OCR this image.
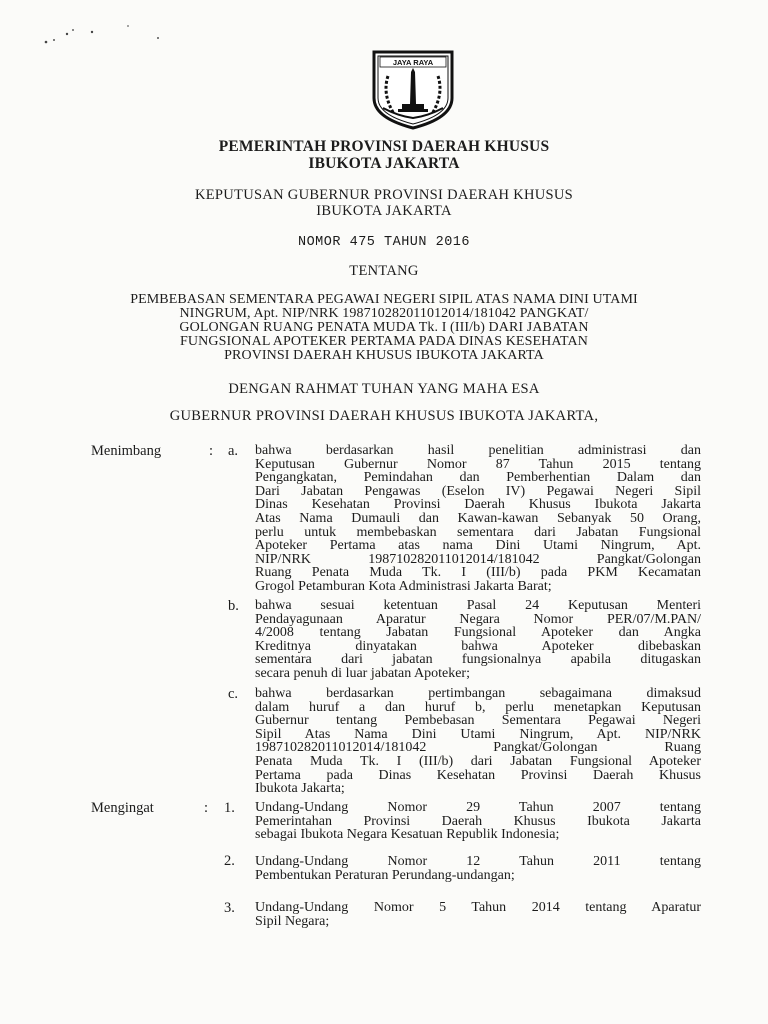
JAYA RAYA
PEMERINTAH PROVINSI DAERAH KHUSUS
IBUKOTA JAKARTA
KEPUTUSAN GUBERNUR PROVINSI DAERAH KHUSUS
IBUKOTA JAKARTA
NOMOR 475 TAHUN 2016
TENTANG
PEMBEBASAN SEMENTARA PEGAWAI NEGERI SIPIL ATAS NAMA DINI UTAMI
NINGRUM, Apt. NIP/NRK 198710282011012014/181042 PANGKAT/
GOLONGAN RUANG PENATA MUDA Tk. I (III/b) DARI JABATAN
FUNGSIONAL APOTEKER PERTAMA PADA DINAS KESEHATAN
PROVINSI DAERAH KHUSUS IBUKOTA JAKARTA
DENGAN RAHMAT TUHAN YANG MAHA ESA
GUBERNUR PROVINSI DAERAH KHUSUS IBUKOTA JAKARTA,
Menimbang	: a. bahwa berdasarkan hasil penelitian administrasi dan
Keputusan Gubernur Nomor 87 Tahun 2015 tentang
Pengangkatan, Pemindahan dan Pemberhentian Dalam dan
Dari Jabatan Pengawas (Eselon IV) Pegawai Negeri Sipil
Dinas Kesehatan Provinsi Daerah Khusus Ibukota Jakarta
Atas Nama Dumauli dan Kawan-kawan Sebanyak 50 Orang,
perlu untuk membebaskan sementara dari Jabatan Fungsional
Apoteker Pertama atas nama Dini Utami Ningrum, Apt.
NIP/NRK 198710282011012014/181042 Pangkat/Golongan
Ruang Penata Muda Tk. I (III/b) pada PKM Kecamatan
Grogol Petamburan Kota Administrasi Jakarta Barat;
b. bahwa sesuai ketentuan Pasal 24 Keputusan Menteri
Pendayagunaan Aparatur Negara Nomor PER/07/M.PAN/
4/2008 tentang Jabatan Fungsional Apoteker dan Angka
Kreditnya dinyatakan bahwa Apoteker dibebaskan
sementara dari jabatan fungsionalnya apabila ditugaskan
secara penuh di luar jabatan Apoteker;
c. bahwa berdasarkan pertimbangan sebagaimana dimaksud
dalam huruf a dan huruf b, perlu menetapkan Keputusan
Gubernur tentang Pembebasan Sementara Pegawai Negeri
Sipil Atas Nama Dini Utami Ningrum, Apt. NIP/NRK
198710282011012014/181042 Pangkat/Golongan Ruang
Penata Muda Tk. I (III/b) dari Jabatan Fungsional Apoteker
Pertama pada Dinas Kesehatan Provinsi Daerah Khusus
Ibukota Jakarta;
Mengingat	: 1. Undang-Undang Nomor 29 Tahun 2007 tentang
Pemerintahan Provinsi Daerah Khusus Ibukota Jakarta
sebagai Ibukota Negara Kesatuan Republik Indonesia;
2. Undang-Undang Nomor 12 Tahun 2011 tentang
Pembentukan Peraturan Perundang-undangan;
3. Undang-Undang Nomor 5 Tahun 2014 tentang Aparatur
Sipil Negara;
